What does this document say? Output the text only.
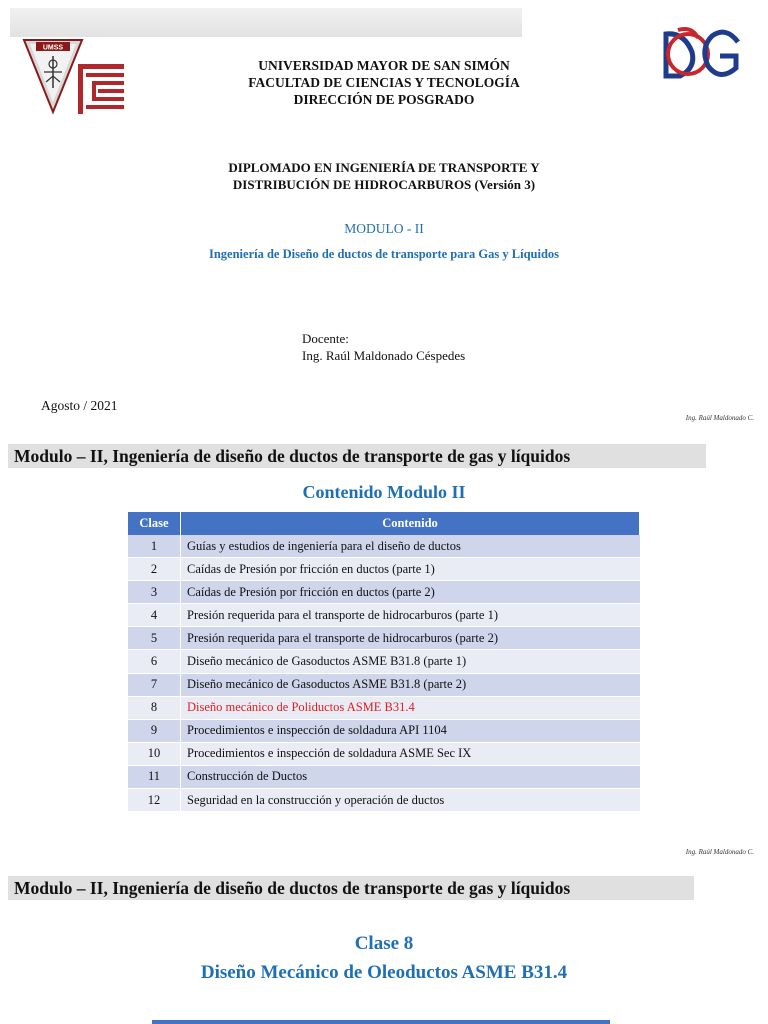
UMSS
UNIVERSIDAD MAYOR DE SAN SIMÓN
FACULTAD DE CIENCIAS Y TECNOLOGÍA
DIRECCIÓN DE POSGRADO
DIPLOMADO EN INGENIERÍA DE TRANSPORTE Y
DISTRIBUCIÓN DE HIDROCARBUROS (Versión 3)
MODULO - II
Ingeniería de Diseño de ductos de transporte para Gas y Líquidos
Docente:
Ing. Raúl Maldonado Céspedes
Agosto / 2021
Ing. Raúl Maldonado C.
Modulo – II, Ingeniería de diseño de ductos de transporte de gas y líquidos
Contenido Modulo II
Clase	Contenido
1	Guías y estudios de ingeniería para el diseño de ductos
2	Caídas de Presión por fricción en ductos (parte 1)
3	Caídas de Presión por fricción en ductos (parte 2)
4	Presión requerida para el transporte de hidrocarburos (parte 1)
5	Presión requerida para el transporte de hidrocarburos (parte 2)
6	Diseño mecánico de Gasoductos ASME B31.8 (parte 1)
7	Diseño mecánico de Gasoductos ASME B31.8 (parte 2)
8	Diseño mecánico de Poliductos ASME B31.4
9	Procedimientos e inspección de soldadura API 1104
10	Procedimientos e inspección de soldadura ASME Sec IX
11	Construcción de Ductos
12	Seguridad en la construcción y operación de ductos
Ing. Raúl Maldonado C.
Modulo – II, Ingeniería de diseño de ductos de transporte de gas y líquidos
Clase 8
Diseño Mecánico de Oleoductos ASME B31.4
